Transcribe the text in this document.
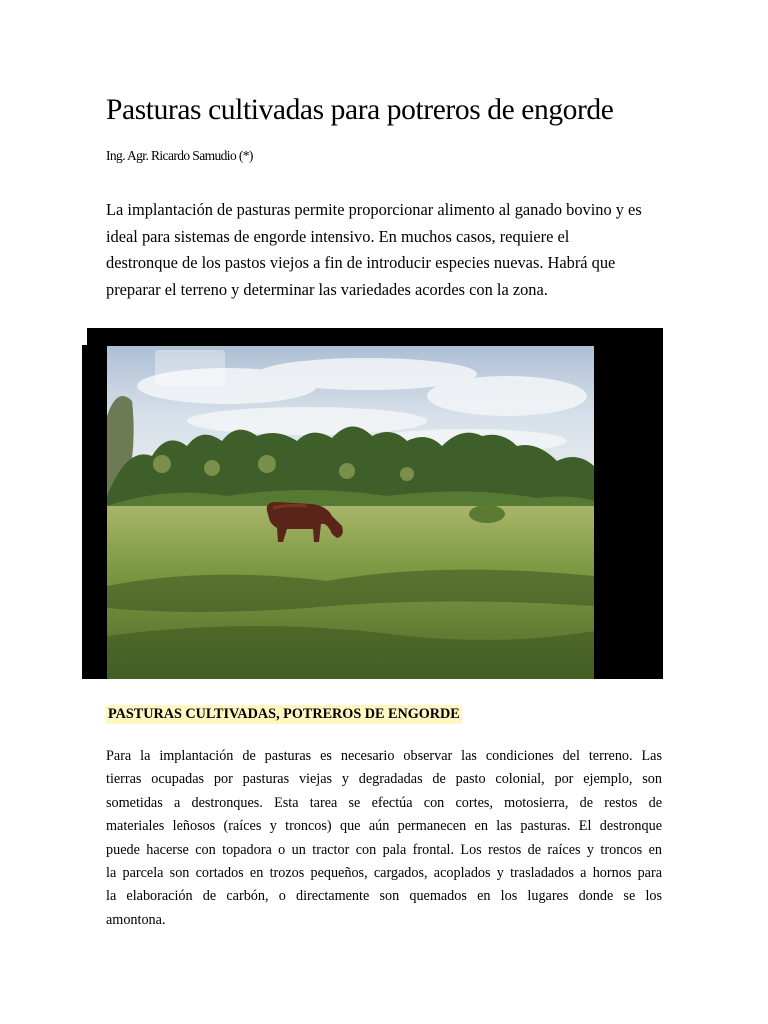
Pasturas cultivadas para potreros de engorde
Ing. Agr. Ricardo Samudio (*)

La implantación de pasturas permite proporcionar alimento al ganado bovino y es
ideal para sistemas de engorde intensivo. En muchos casos, requiere el
destronque de los pastos viejos a fin de introducir especies nuevas. Habrá que
preparar el terreno y determinar las variedades acordes con la zona.

PASTURAS CULTIVADAS, POTREROS DE ENGORDE

Para la implantación de pasturas es necesario observar las condiciones del terreno. Las
tierras ocupadas por pasturas viejas y degradadas de pasto colonial, por ejemplo, son
sometidas a destronques. Esta tarea se efectúa con cortes, motosierra, de restos de
materiales leñosos (raíces y troncos) que aún permanecen en las pasturas. El destronque
puede hacerse con topadora o un tractor con pala frontal. Los restos de raíces y troncos en
la parcela son cortados en trozos pequeños, cargados, acoplados y trasladados a hornos para
la elaboración de carbón, o directamente son quemados en los lugares donde se los
amontona.
